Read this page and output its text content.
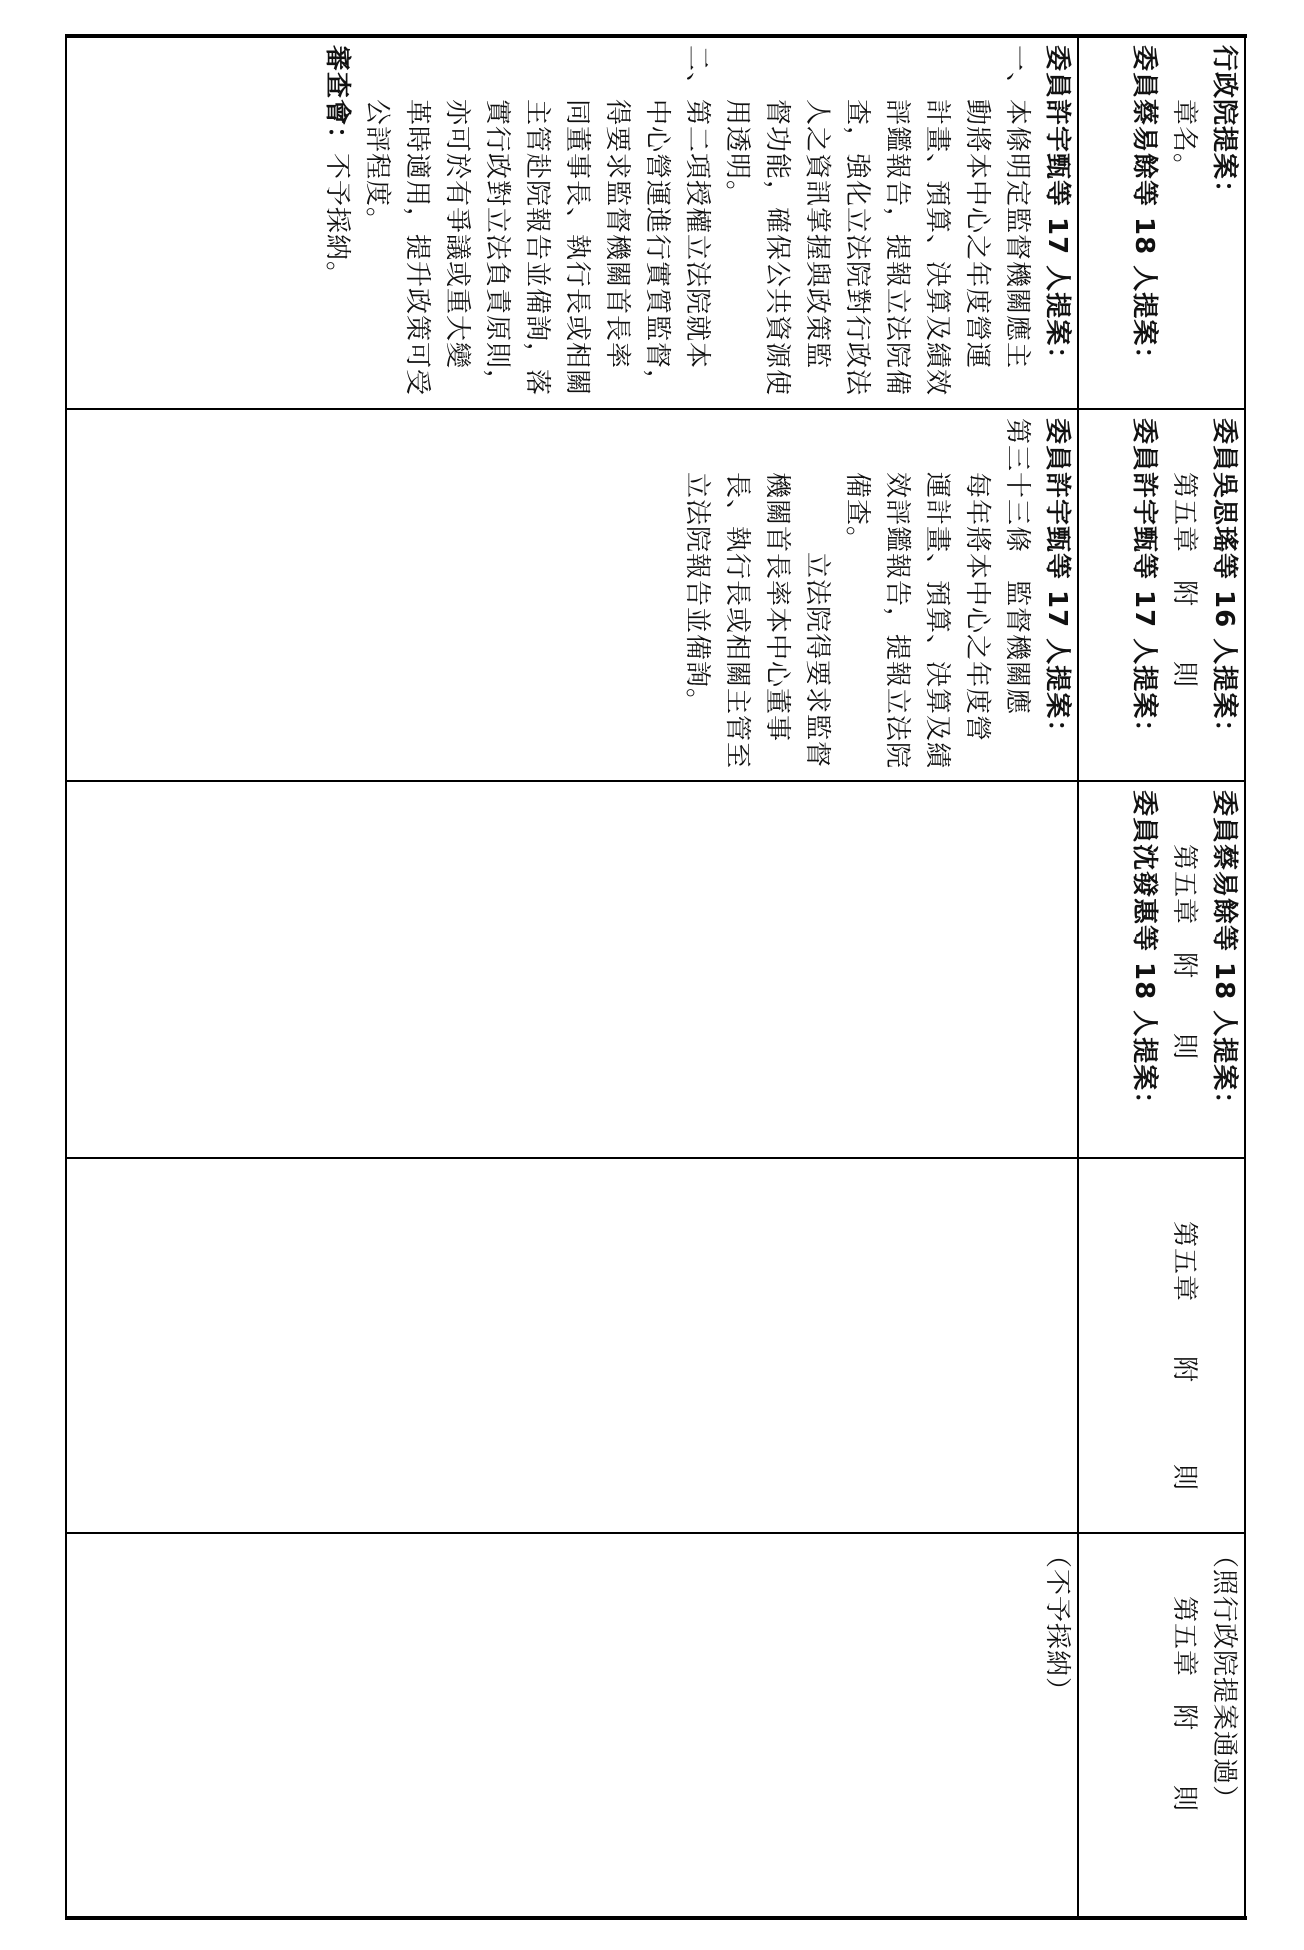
委員許宇甄等 17 人提案：
一、本條明定監督機關應主
動將本中心之年度營運
計畫、預算、決算及績效
評鑑報告，提報立法院備
查，強化立法院對行政法
人之資訊掌握與政策監
督功能，確保公共資源使
用透明。
二、第二項授權立法院就本
中心營運進行實質監督，
得要求監督機關首長率
同董事長、執行長或相關
主管赴院報告並備詢，落
實行政對立法負責原則，
亦可於有爭議或重大變
革時適用，提升政策可受
公評程度。
審查會：不予採納。
委員許宇甄等 17 人提案：
第三十三條　監督機關應
每年將本中心之年度營
運計畫、預算、決算及績
效評鑑報告，提報立法院
備查。
立法院得要求監督
機關首長率本中心董事
長、執行長或相關主管至
立法院報告並備詢。
（不予採納）
行政院提案：
章名。
委員蔡易餘等 18 人提案：
委員吳思瑤等 16 人提案：
第五章　附　　則
委員許宇甄等 17 人提案：
委員蔡易餘等 18 人提案：
第五章　附　　則
委員沈發惠等 18 人提案：
第五章　　附　　　則
（照行政院提案通過）
第五章　附　　則
